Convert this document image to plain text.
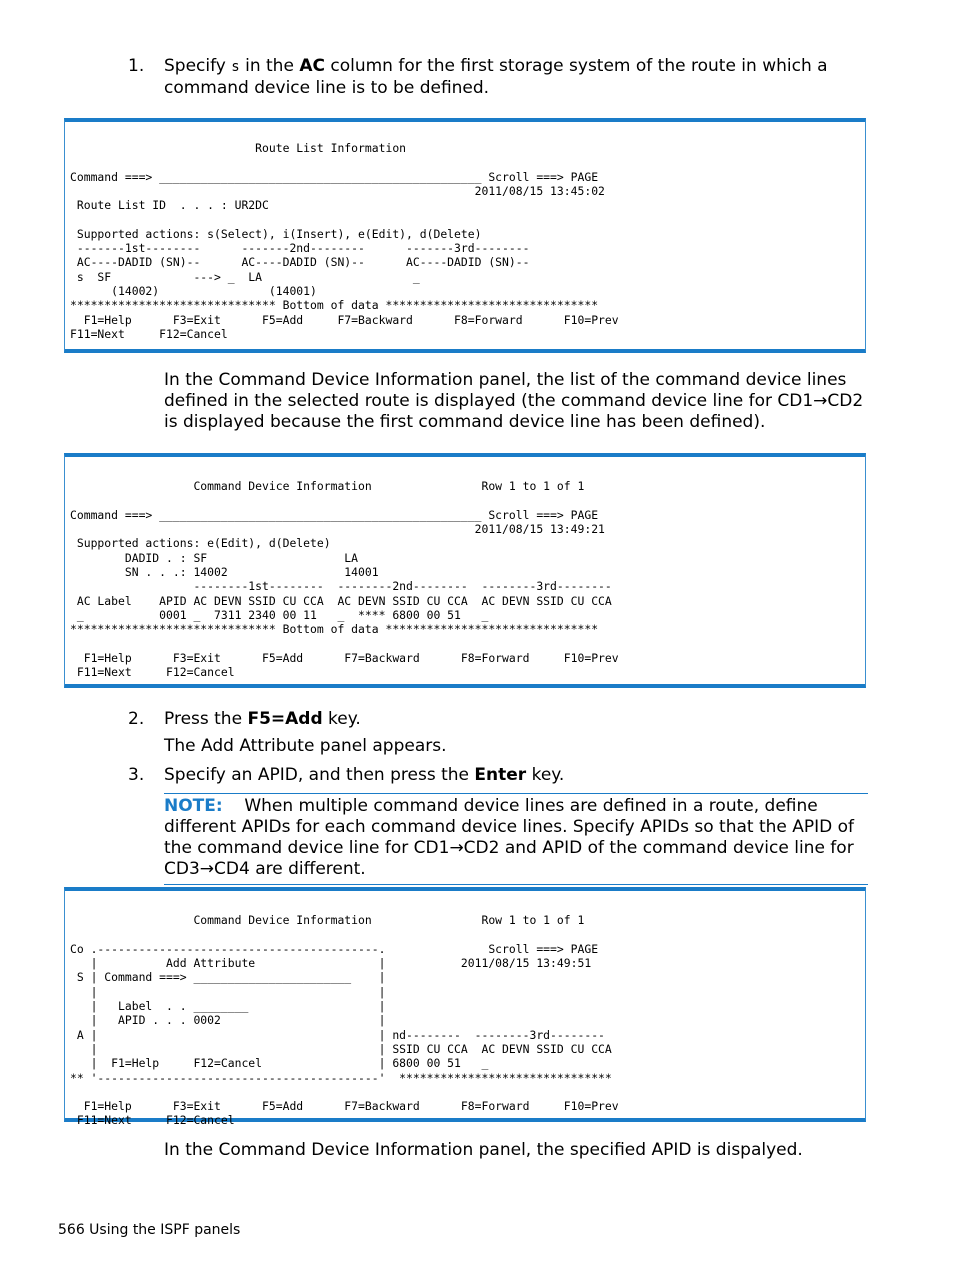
1. Specify s in the AC column for the first storage system of the route in which a command device line is to be defined.
Route List Information

Command ===> _______________________________________________ Scroll ===> PAGE
2011/08/15 13:45:02
Route List ID  . . . : UR2DC

Supported actions: s(Select), i(Insert), e(Edit), d(Delete)
-------1st--------      -------2nd--------      -------3rd--------
AC----DADID (SN)--      AC----DADID (SN)--      AC----DADID (SN)--
s  SF            ---> _  LA                      _
(14002)                (14001)
****************************** Bottom of data *******************************
F1=Help      F3=Exit      F5=Add     F7=Backward      F8=Forward      F10=Prev
F11=Next     F12=Cancel
In the Command Device Information panel, the list of the command device lines defined in the selected route is displayed (the command device line for CD1→CD2 is displayed because the first command device line has been defined).

Command Device Information                Row 1 to 1 of 1

Command ===> _______________________________________________ Scroll ===> PAGE
2011/08/15 13:49:21
Supported actions: e(Edit), d(Delete)
DADID . : SF                    LA
SN . . .: 14002                 14001
--------1st--------  --------2nd--------  --------3rd--------
AC Label    APID AC DEVN SSID CU CCA  AC DEVN SSID CU CCA  AC DEVN SSID CU CCA
_           0001 _  7311 2340 00 11   _  **** 6800 00 51   _
****************************** Bottom of data *******************************

F1=Help      F3=Exit      F5=Add      F7=Backward      F8=Forward     F10=Prev
F11=Next     F12=Cancel
2. Press the F5=Add key.
The Add Attribute panel appears.
3. Specify an APID, and then press the Enter key.
NOTE: When multiple command device lines are defined in a route, define different APIDs for each command device lines. Specify APIDs so that the APID of the command device line for CD1→CD2 and APID of the command device line for CD3→CD4 are different.

Command Device Information                Row 1 to 1 of 1

Co .-----------------------------------------.               Scroll ===> PAGE
|          Add Attribute                  |           2011/08/15 13:49:51
S | Command ===> _______________________    |
|                                         |
|   Label  . . ________                   |
|   APID . . . 0002                       |
A |                                         | nd--------  --------3rd--------
|                                         | SSID CU CCA  AC DEVN SSID CU CCA
|  F1=Help     F12=Cancel                 | 6800 00 51   _
** '-----------------------------------------'  *******************************

F1=Help      F3=Exit      F5=Add      F7=Backward      F8=Forward     F10=Prev
F11=Next     F12=Cancel
In the Command Device Information panel, the specified APID is dispalyed.
566 Using the ISPF panels
